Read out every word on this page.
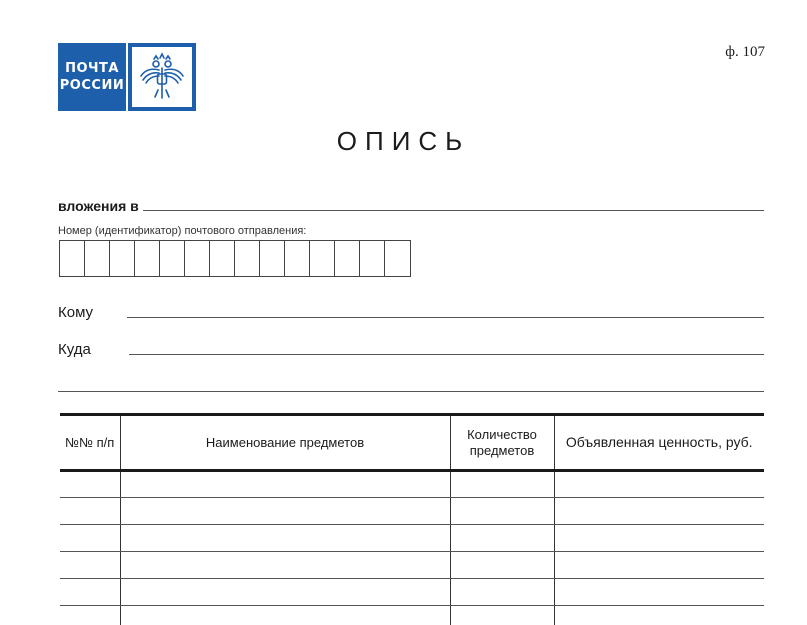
ПОЧТА
РОССИИ
ф. 107
ОПИСЬ
вложения в
Номер (идентификатор) почтового отправления:
Кому
Куда
№№ п/п	Наименование предметов	Количество предметов	Объявленная ценность, руб.
